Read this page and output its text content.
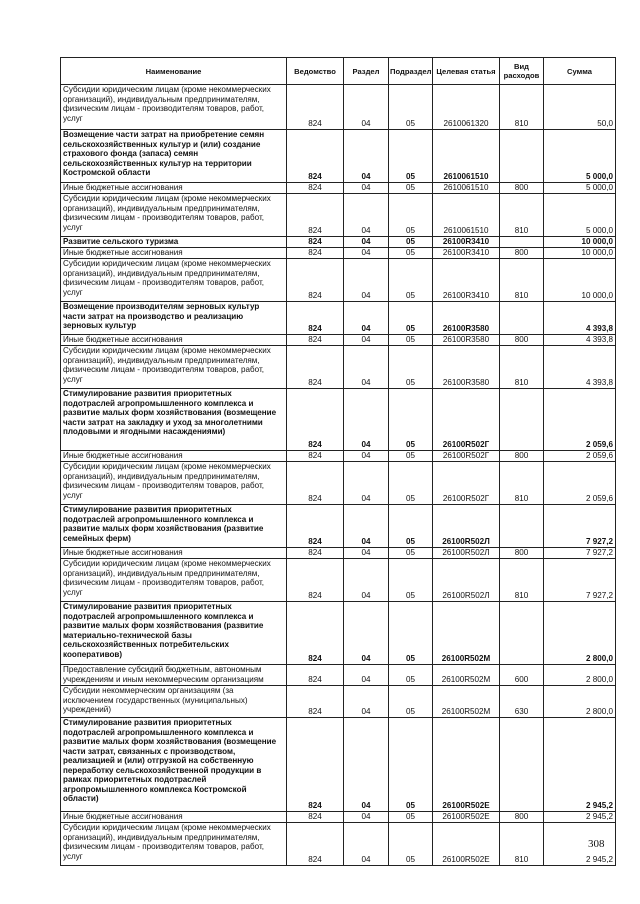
Наименование	Ведомство	Раздел	Подраздел	Целевая статья	Вид расходов	Сумма
Субсидии юридическим лицам (кроме некоммерческих организаций), индивидуальным предпринимателям, физическим лицам - производителям товаров, работ, услуг	824	04	05	2610061320	810	50,0
Возмещение части затрат на приобретение семян сельскохозяйственных культур и (или) создание страхового фонда (запаса) семян сельскохозяйственных культур на территории Костромской области	824	04	05	2610061510		5 000,0
Иные бюджетные ассигнования	824	04	05	2610061510	800	5 000,0
Субсидии юридическим лицам (кроме некоммерческих организаций), индивидуальным предпринимателям, физическим лицам - производителям товаров, работ, услуг	824	04	05	2610061510	810	5 000,0
Развитие сельского туризма	824	04	05	26100R3410		10 000,0
Иные бюджетные ассигнования	824	04	05	26100R3410	800	10 000,0
Субсидии юридическим лицам (кроме некоммерческих организаций), индивидуальным предпринимателям, физическим лицам - производителям товаров, работ, услуг	824	04	05	26100R3410	810	10 000,0
Возмещение производителям зерновых культур части затрат на производство и реализацию зерновых культур	824	04	05	26100R3580		4 393,8
Иные бюджетные ассигнования	824	04	05	26100R3580	800	4 393,8
Субсидии юридическим лицам (кроме некоммерческих организаций), индивидуальным предпринимателям, физическим лицам - производителям товаров, работ, услуг	824	04	05	26100R3580	810	4 393,8
Стимулирование развития приоритетных подотраслей агропромышленного комплекса и развитие малых форм хозяйствования (возмещение части затрат на закладку и уход за многолетними плодовыми и ягодными насаждениями)	824	04	05	26100R502Г		2 059,6
Иные бюджетные ассигнования	824	04	05	26100R502Г	800	2 059,6
Субсидии юридическим лицам (кроме некоммерческих организаций), индивидуальным предпринимателям, физическим лицам - производителям товаров, работ, услуг	824	04	05	26100R502Г	810	2 059,6
Стимулирование развития приоритетных подотраслей агропромышленного комплекса и развитие малых форм хозяйствования (развитие семейных ферм)	824	04	05	26100R502Л		7 927,2
Иные бюджетные ассигнования	824	04	05	26100R502Л	800	7 927,2
Субсидии юридическим лицам (кроме некоммерческих организаций), индивидуальным предпринимателям, физическим лицам - производителям товаров, работ, услуг	824	04	05	26100R502Л	810	7 927,2
Стимулирование развития приоритетных подотраслей агропромышленного комплекса и развитие малых форм хозяйствования (развитие материально-технической базы сельскохозяйственных потребительских кооперативов)	824	04	05	26100R502М		2 800,0
Предоставление субсидий бюджетным, автономным учреждениям и иным некоммерческим организациям	824	04	05	26100R502М	600	2 800,0
Субсидии некоммерческим организациям (за исключением государственных (муниципальных) учреждений)	824	04	05	26100R502М	630	2 800,0
Стимулирование развития приоритетных подотраслей агропромышленного комплекса и развитие малых форм хозяйствования (возмещение части затрат, связанных с производством, реализацией и (или) отгрузкой на собственную переработку сельскохозяйственной продукции в рамках приоритетных подотраслей агропромышленного комплекса Костромской области)	824	04	05	26100R502Е		2 945,2
Иные бюджетные ассигнования	824	04	05	26100R502Е	800	2 945,2
Субсидии юридическим лицам (кроме некоммерческих организаций), индивидуальным предпринимателям, физическим лицам - производителям товаров, работ, услуг	824	04	05	26100R502Е	810	2 945,2
308
